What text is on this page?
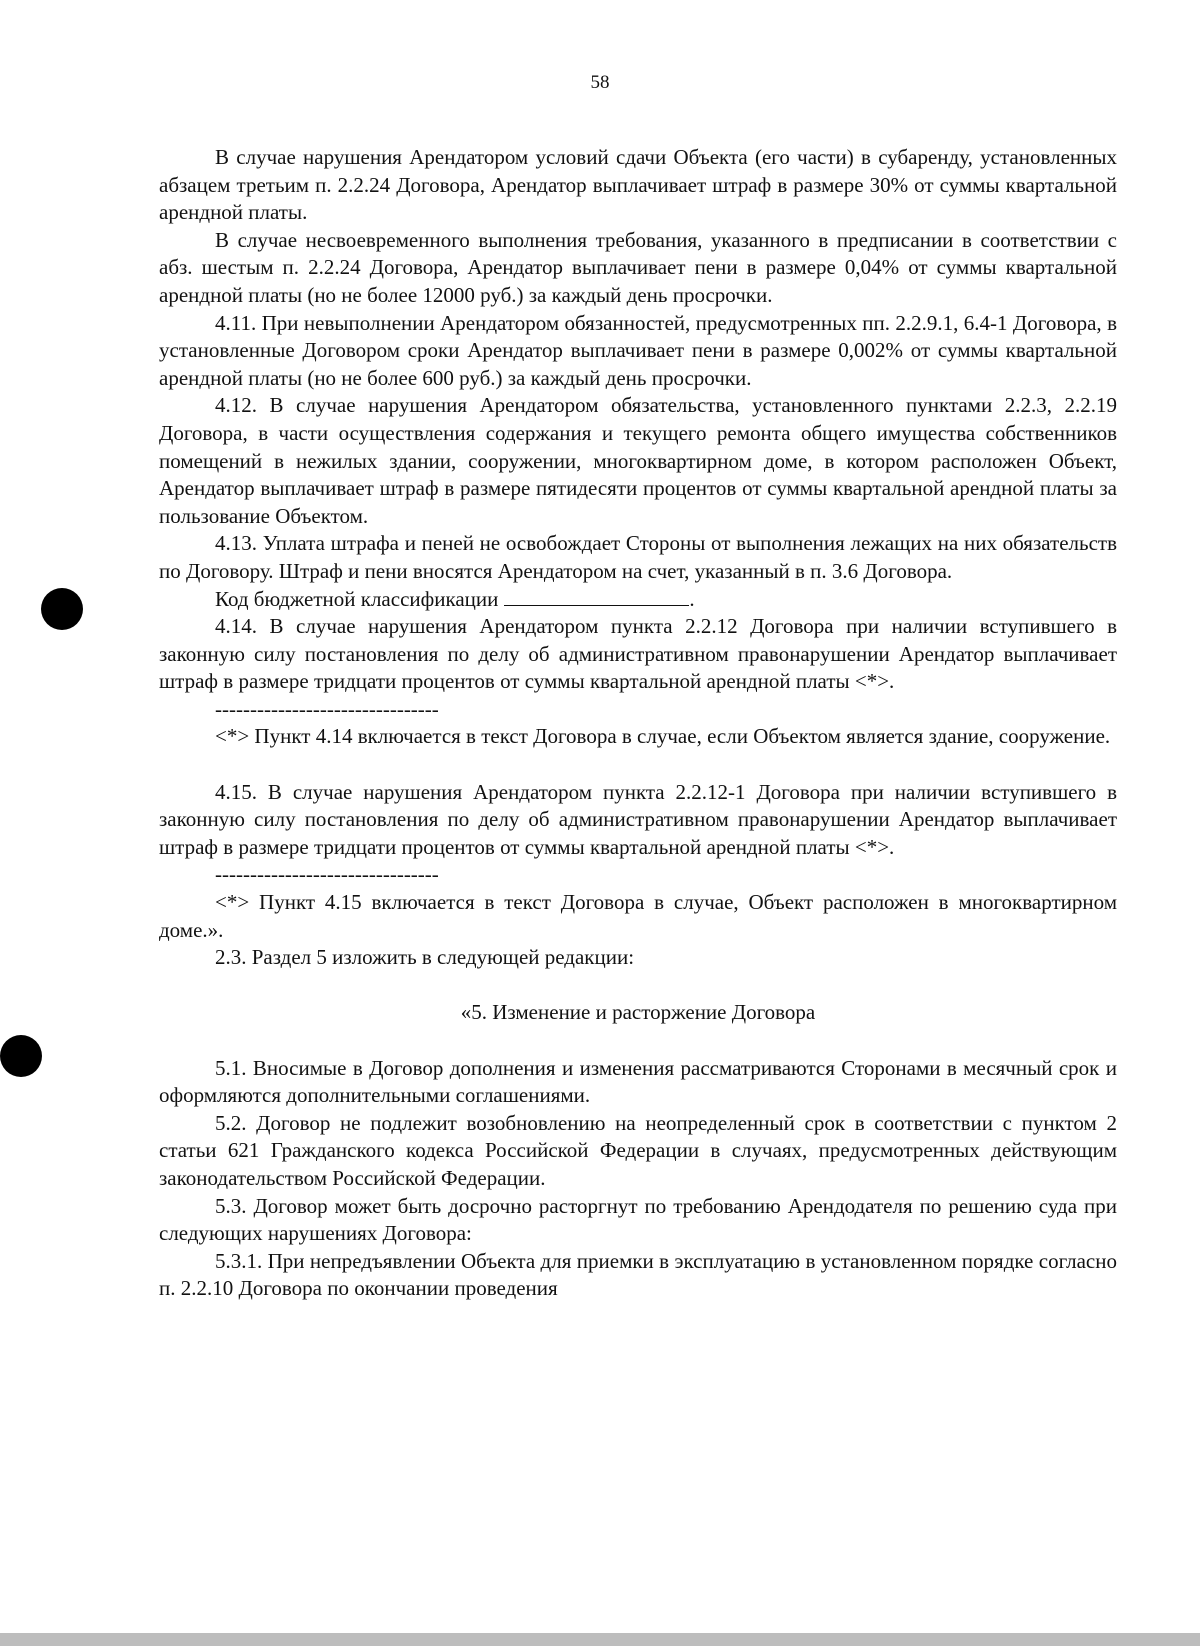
58

В случае нарушения Арендатором условий сдачи Объекта (его части) в субаренду, установленных абзацем третьим п. 2.2.24 Договора, Арендатор выплачивает штраф в размере 30% от суммы квартальной арендной платы.

В случае несвоевременного выполнения требования, указанного в предписании в соответствии с абз. шестым п. 2.2.24 Договора, Арендатор выплачивает пени в размере 0,04% от суммы квартальной арендной платы (но не более 12000 руб.) за каждый день просрочки.

4.11. При невыполнении Арендатором обязанностей, предусмотренных пп. 2.2.9.1, 6.4-1 Договора, в установленные Договором сроки Арендатор выплачивает пени в размере 0,002% от суммы квартальной арендной платы (но не более 600 руб.) за каждый день просрочки.

4.12. В случае нарушения Арендатором обязательства, установленного пунктами 2.2.3, 2.2.19 Договора, в части осуществления содержания и текущего ремонта общего имущества собственников помещений в нежилых здании, сооружении, многоквартирном доме, в котором расположен Объект, Арендатор выплачивает штраф в размере пятидесяти процентов от суммы квартальной арендной платы за пользование Объектом.

4.13. Уплата штрафа и пеней не освобождает Стороны от выполнения лежащих на них обязательств по Договору. Штраф и пени вносятся Арендатором на счет, указанный в п. 3.6 Договора.

Код бюджетной классификации	.

4.14. В случае нарушения Арендатором пункта 2.2.12 Договора при наличии вступившего в законную силу постановления по делу об административном правонарушении Арендатор выплачивает штраф в размере тридцати процентов от суммы квартальной арендной платы <*>.

--------------------------------

<*> Пункт 4.14 включается в текст Договора в случае, если Объектом является здание, сооружение.

4.15. В случае нарушения Арендатором пункта 2.2.12-1 Договора при наличии вступившего в законную силу постановления по делу об административном правонарушении Арендатор выплачивает штраф в размере тридцати процентов от суммы квартальной арендной платы <*>.

--------------------------------

<*> Пункт 4.15 включается в текст Договора в случае, Объект расположен в многоквартирном доме.».

2.3. Раздел 5 изложить в следующей редакции:

«5. Изменение и расторжение Договора

5.1. Вносимые в Договор дополнения и изменения рассматриваются Сторонами в месячный срок и оформляются дополнительными соглашениями.

5.2. Договор не подлежит возобновлению на неопределенный срок в соответствии с пунктом 2 статьи 621 Гражданского кодекса Российской Федерации в случаях, предусмотренных действующим законодательством Российской Федерации.

5.3. Договор может быть досрочно расторгнут по требованию Арендодателя по решению суда при следующих нарушениях Договора:

5.3.1. При непредъявлении Объекта для приемки в эксплуатацию в установленном порядке согласно п. 2.2.10 Договора по окончании проведения
